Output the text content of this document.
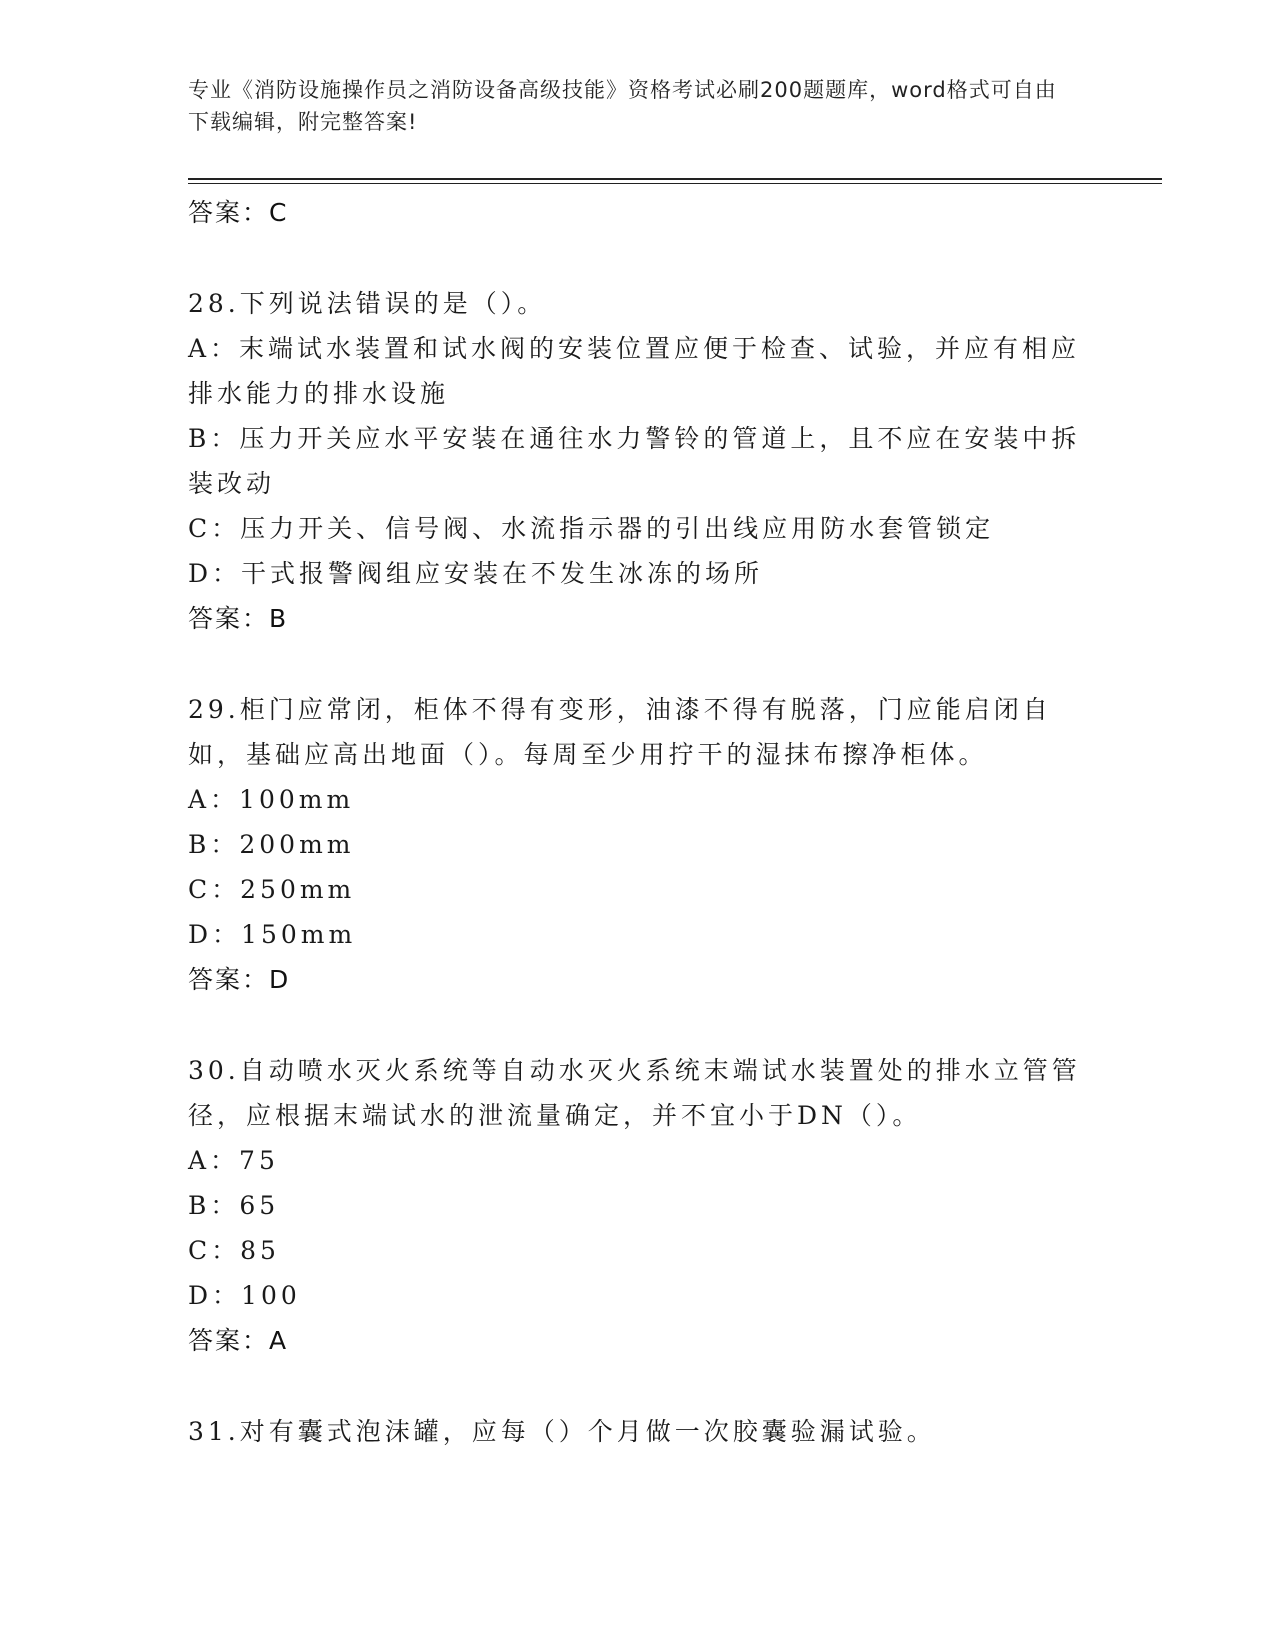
专业《消防设施操作员之消防设备高级技能》资格考试必刷200题题库，word格式可自由下载编辑，附完整答案!
答案：C
28.下列说法错误的是（）。
A：末端试水装置和试水阀的安装位置应便于检查、试验，并应有相应排水能力的排水设施
B：压力开关应水平安装在通往水力警铃的管道上，且不应在安装中拆装改动
C：压力开关、信号阀、水流指示器的引出线应用防水套管锁定
D：干式报警阀组应安装在不发生冰冻的场所
答案：B
29.柜门应常闭，柜体不得有变形，油漆不得有脱落，门应能启闭自如，基础应高出地面（）。每周至少用拧干的湿抹布擦净柜体。
A：100mm
B：200mm
C：250mm
D：150mm
答案：D
30.自动喷水灭火系统等自动水灭火系统末端试水装置处的排水立管管径，应根据末端试水的泄流量确定，并不宜小于DN（）。
A：75
B：65
C：85
D：100
答案：A
31.对有囊式泡沫罐，应每（）个月做一次胶囊验漏试验。
